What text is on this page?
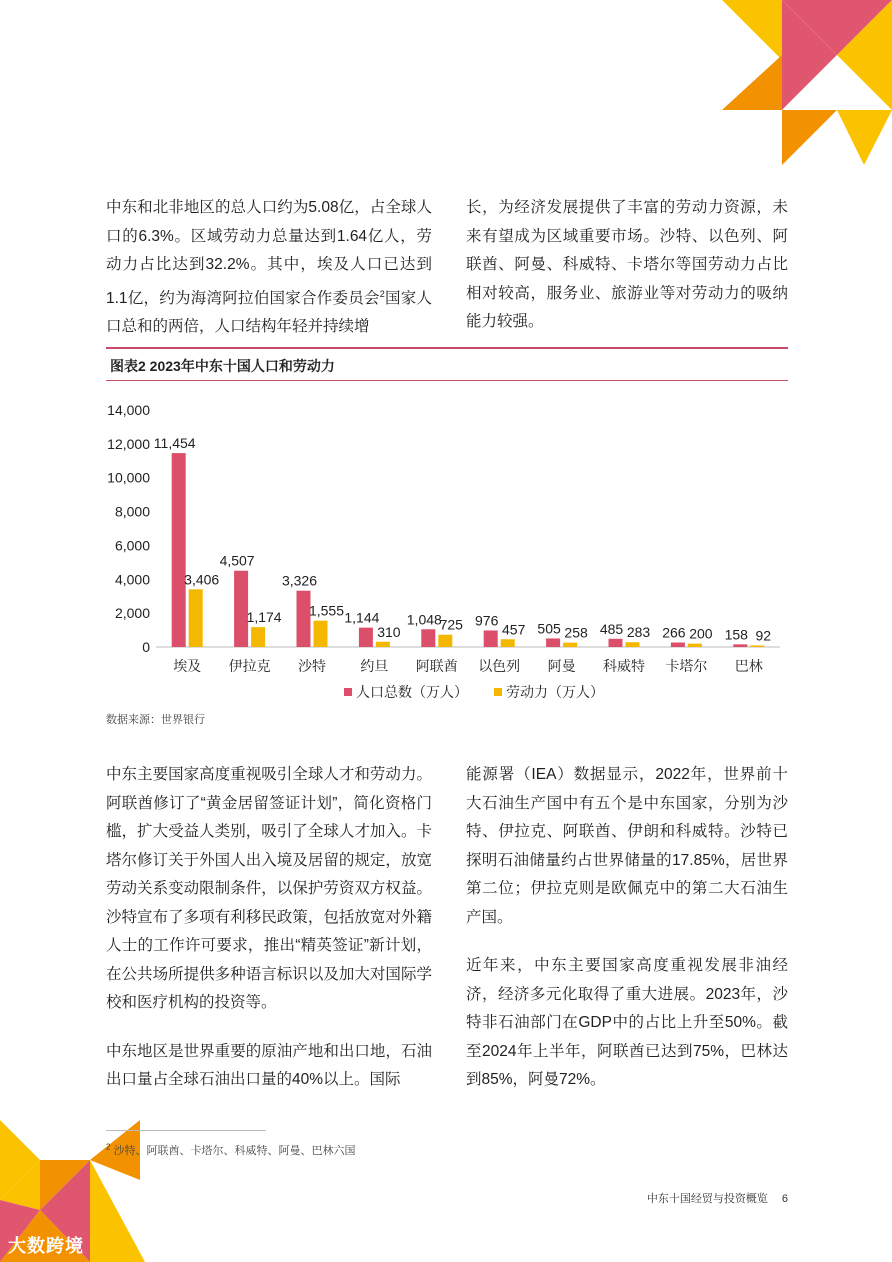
中东和北非地区的总人口约为5.08亿，占全球人口的6.3%。区域劳动力总量达到1.64亿人，劳动力占比达到32.2%。其中，埃及人口已达到1.1亿，约为海湾阿拉伯国家合作委员会$^2$国家人口总和的两倍，人口结构年轻并持续增

长，为经济发展提供了丰富的劳动力资源，未来有望成为区域重要市场。沙特、以色列、阿联酋、阿曼、科威特、卡塔尔等国劳动力占比相对较高，服务业、旅游业等对劳动力的吸纳能力较强。

图表2 2023年中东十国人口和劳动力
0
2,000
4,000
6,000
8,000
10,000
12,000
14,000
11,454
3,406
埃及
4,507
1,174
伊拉克
3,326
1,555
沙特
1,144
310
约旦
1,048
725
阿联酋
976
457
以色列
505 258
阿曼
485 283
科威特
266 200
卡塔尔
158 92
巴林
人口总数（万人）	劳动力（万人）
数据来源：世界银行

中东主要国家高度重视吸引全球人才和劳动力。阿联酋修订了“黄金居留签证计划”，简化资格门槛，扩大受益人类别，吸引了全球人才加入。卡塔尔修订关于外国人出入境及居留的规定，放宽劳动关系变动限制条件，以保护劳资双方权益。沙特宣布了多项有利移民政策，包括放宽对外籍人士的工作许可要求，推出“精英签证”新计划，在公共场所提供多种语言标识以及加大对国际学校和医疗机构的投资等。

中东地区是世界重要的原油产地和出口地，石油出口量占全球石油出口量的40%以上。国际

能源署（IEA）数据显示，2022年，世界前十大石油生产国中有五个是中东国家，分别为沙特、伊拉克、阿联酋、伊朗和科威特。沙特已探明石油储量约占世界储量的17.85%，居世界第二位；伊拉克则是欧佩克中的第二大石油生产国。

近年来，中东主要国家高度重视发展非油经济，经济多元化取得了重大进展。2023年，沙特非石油部门在GDP中的占比上升至50%。截至2024年上半年，阿联酋已达到75%，巴林达到85%，阿曼72%。

$^2$ 沙特、阿联酋、卡塔尔、科威特、阿曼、巴林六国
中东十国经贸与投资概览 6
大数跨境
